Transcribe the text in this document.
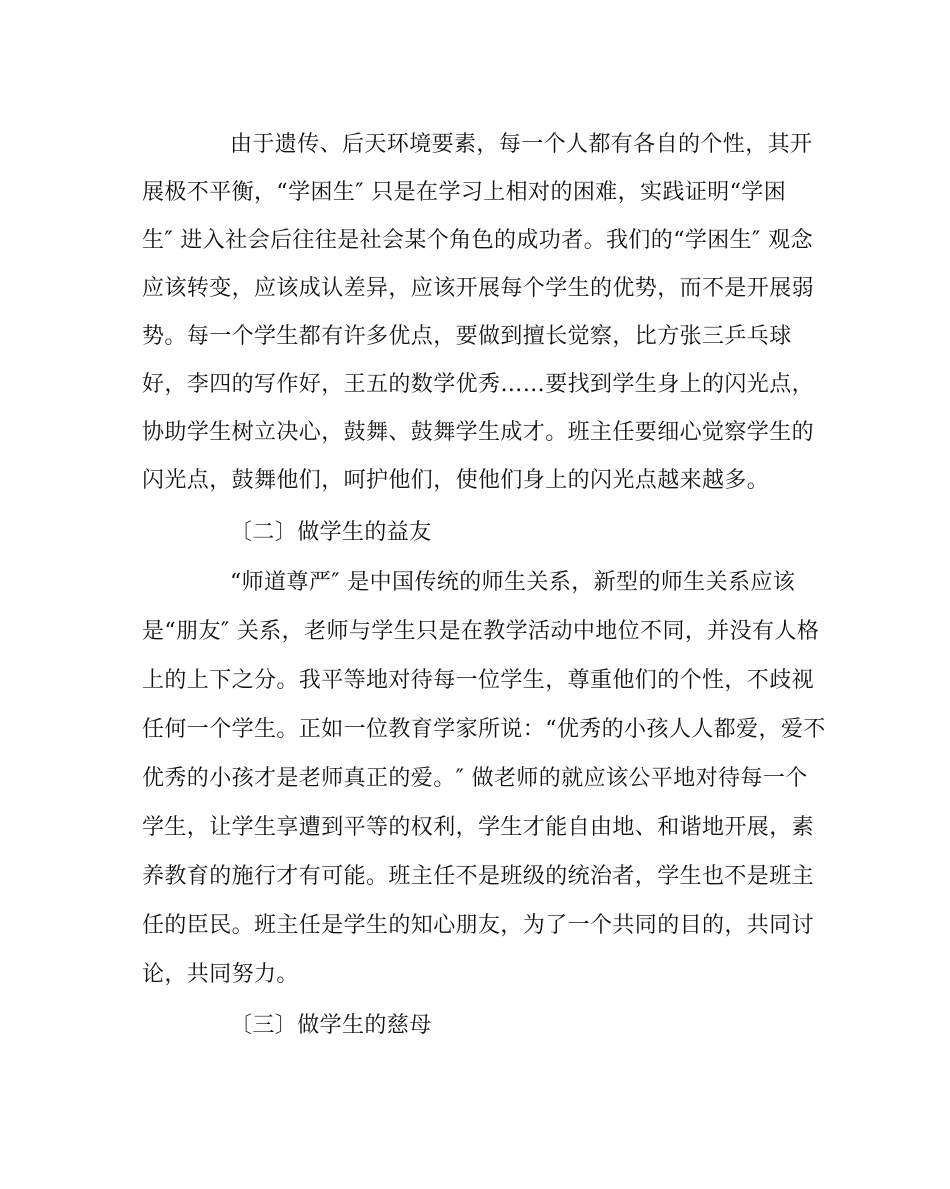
由于遗传、后天环境要素，每一个人都有各自的个性，其开
展极不平衡，“学困生″ 只是在学习上相对的困难，实践证明“学困
生″ 进入社会后往往是社会某个角色的成功者。我们的“学困生″ 观念
应该转变，应该成认差异，应该开展每个学生的优势，而不是开展弱
势。每一个学生都有许多优点，要做到擅长觉察，比方张三乒乓球
好，李四的写作好，王五的数学优秀……要找到学生身上的闪光点，
协助学生树立决心，鼓舞、鼓舞学生成才。班主任要细心觉察学生的
闪光点，鼓舞他们，呵护他们，使他们身上的闪光点越来越多。
〔二〕做学生的益友
“师道尊严″ 是中国传统的师生关系，新型的师生关系应该
是“朋友″ 关系，老师与学生只是在教学活动中地位不同，并没有人格
上的上下之分。我平等地对待每一位学生，尊重他们的个性，不歧视
任何一个学生。正如一位教育学家所说：“优秀的小孩人人都爱，爱不
优秀的小孩才是老师真正的爱。″ 做老师的就应该公平地对待每一个
学生，让学生享遭到平等的权利，学生才能自由地、和谐地开展，素
养教育的施行才有可能。班主任不是班级的统治者，学生也不是班主
任的臣民。班主任是学生的知心朋友，为了一个共同的目的，共同讨
论，共同努力。
〔三〕做学生的慈母
